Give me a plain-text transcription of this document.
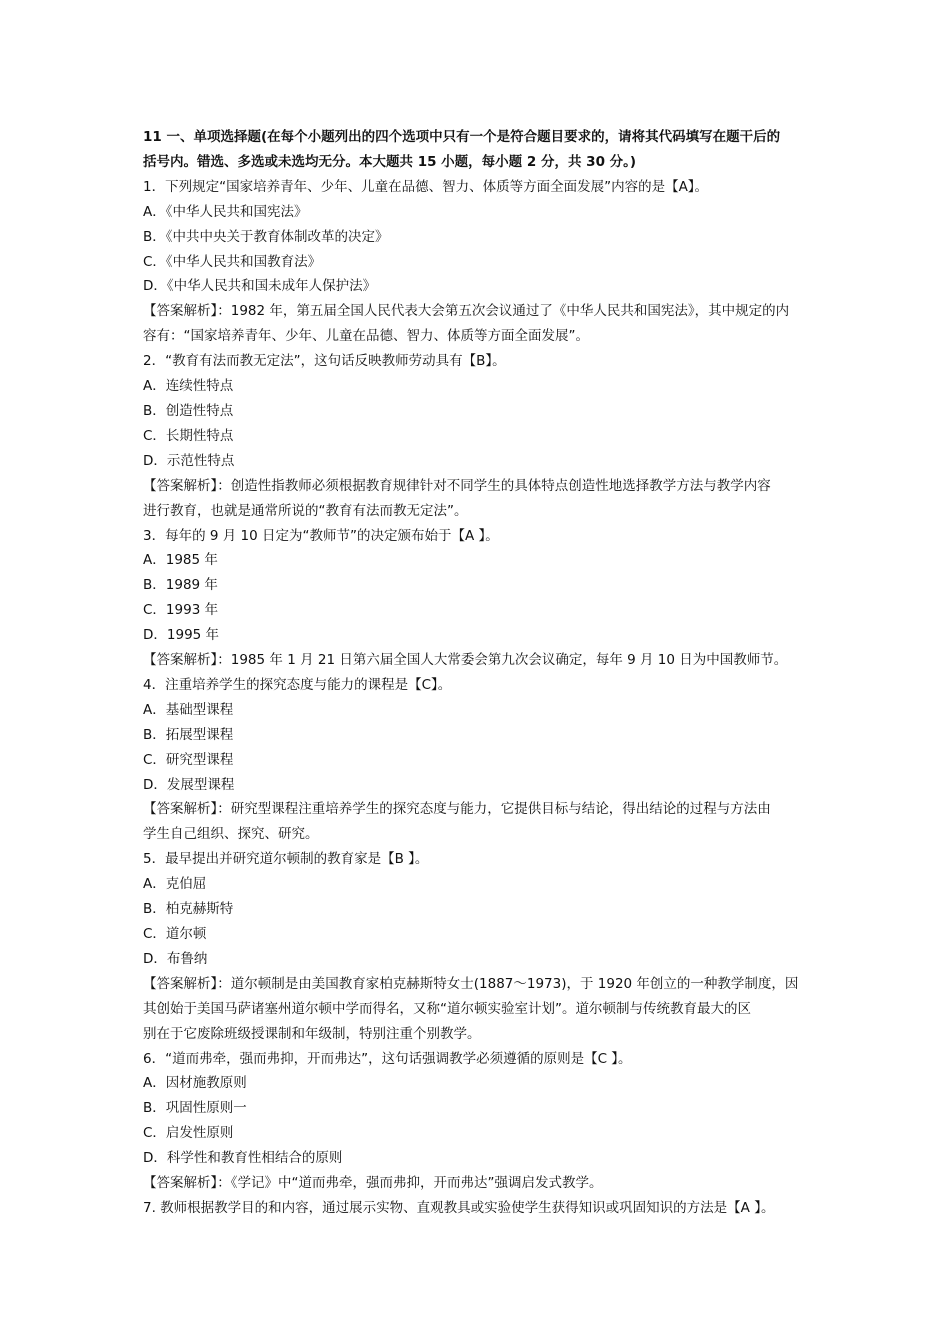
11 一、单项选择题(在每个小题列出的四个选项中只有一个是符合题目要求的，请将其代码填写在题干后的

括号内。错选、多选或未选均无分。本大题共 15 小题，每小题 2 分，共 30 分。)

1．下列规定“国家培养青年、少年、儿童在品德、智力、体质等方面全面发展”内容的是【A】。

A．《中华人民共和国宪法》

B．《中共中央关于教育体制改革的决定》

C．《中华人民共和国教育法》

D．《中华人民共和国未成年人保护法》

【答案解析】：1982 年，第五届全国人民代表大会第五次会议通过了《中华人民共和国宪法》，其中规定的内

容有：“国家培养青年、少年、儿童在品德、智力、体质等方面全面发展”。

2．“教育有法而教无定法”，这句话反映教师劳动具有【B】。

A．连续性特点

B．创造性特点

C．长期性特点

D．示范性特点

【答案解析】：创造性指教师必须根据教育规律针对不同学生的具体特点创造性地选择教学方法与教学内容

进行教育，也就是通常所说的“教育有法而教无定法”。

3．每年的 9 月 10 日定为“教师节”的决定颁布始于【A 】。

A．1985 年

B．1989 年

C．1993 年

D．1995 年

【答案解析】：1985 年 1 月 21 日第六届全国人大常委会第九次会议确定，每年 9 月 10 日为中国教师节。

4．注重培养学生的探究态度与能力的课程是【C】。

A．基础型课程

B．拓展型课程

C．研究型课程

D．发展型课程

【答案解析】：研究型课程注重培养学生的探究态度与能力，它提供目标与结论，得出结论的过程与方法由

学生自己组织、探究、研究。

5．最早提出并研究道尔顿制的教育家是【B 】。

A．克伯屈

B．柏克赫斯特

C．道尔顿

D．布鲁纳

【答案解析】：道尔顿制是由美国教育家柏克赫斯特女士(1887～1973)，于 1920 年创立的一种教学制度，因

其创始于美国马萨诸塞州道尔顿中学而得名，又称“道尔顿实验室计划”。道尔顿制与传统教育最大的区

别在于它废除班级授课制和年级制，特别注重个别教学。

6．“道而弗牵，强而弗抑，开而弗达”，这句话强调教学必须遵循的原则是【C 】。

A．因材施教原则

B．巩固性原则一

C．启发性原则

D．科学性和教育性相结合的原则

【答案解析】：《学记》中“道而弗牵，强而弗抑，开而弗达”强调启发式教学。

7. 教师根据教学目的和内容，通过展示实物、直观教具或实验使学生获得知识或巩固知识的方法是【A 】。
